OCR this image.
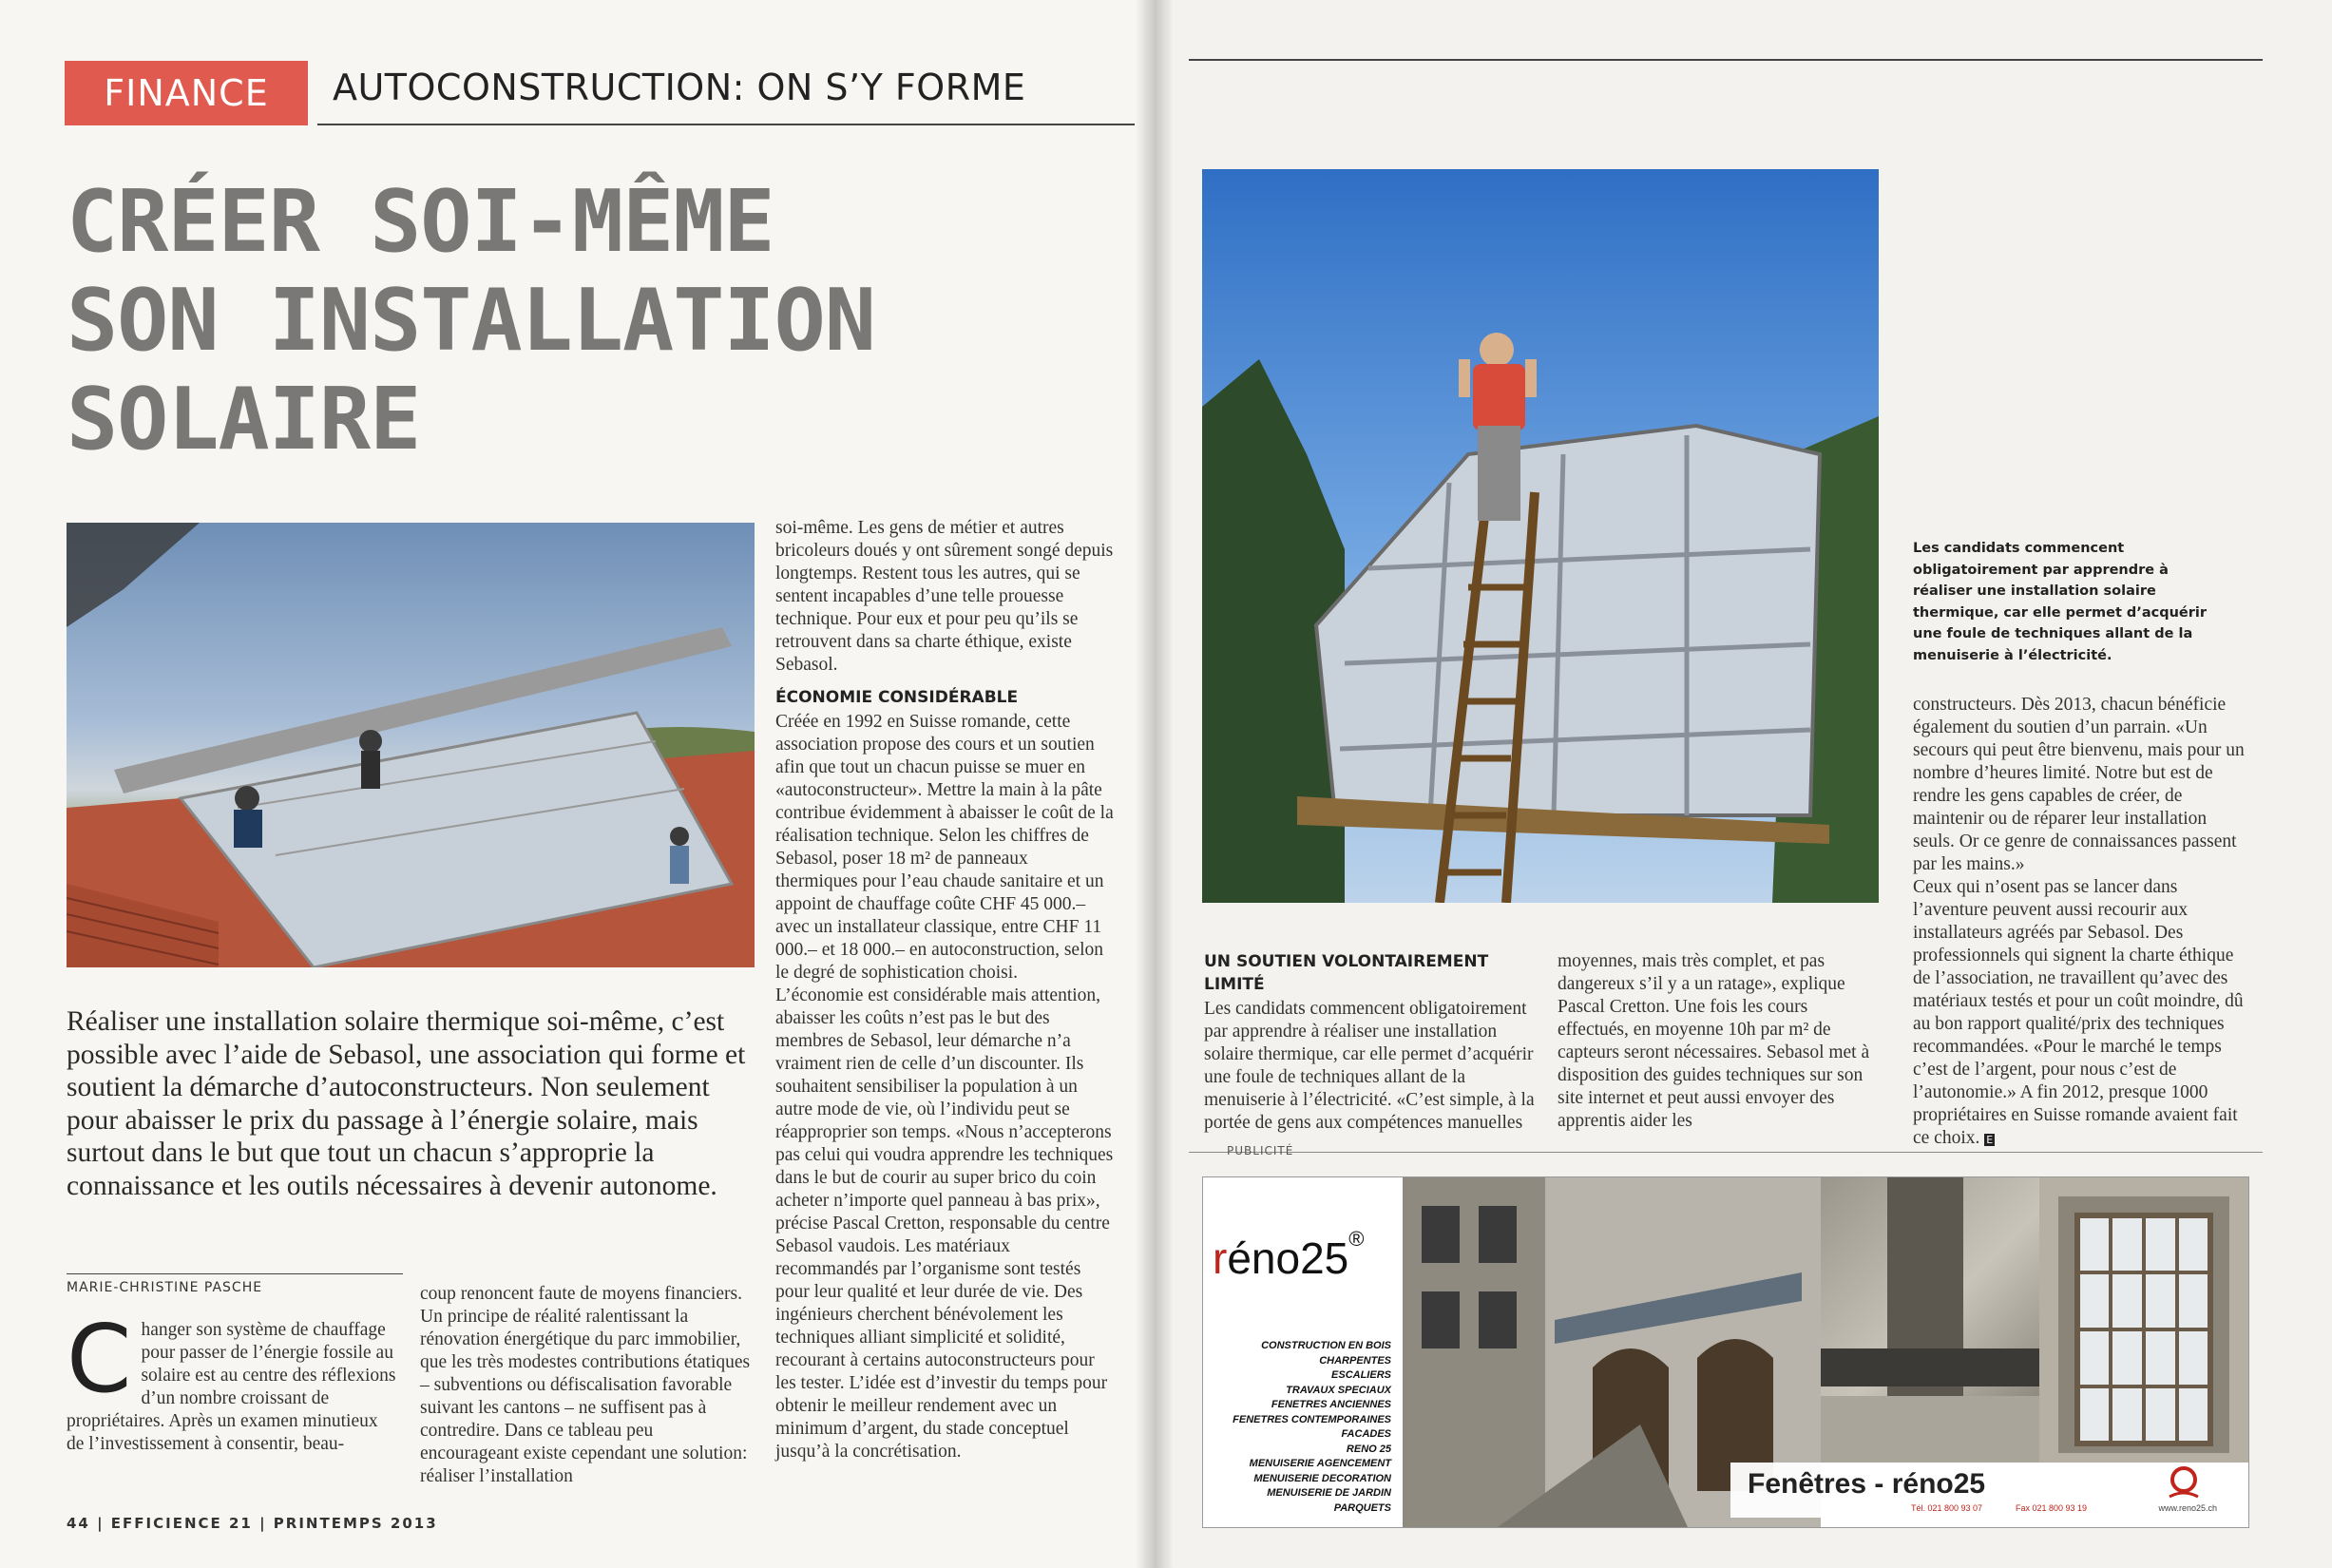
FINANCE	AUTOCONSTRUCTION: ON S’Y FORME
CRÉER SOI-MÊME
SON INSTALLATION
SOLAIRE

Réaliser une installation solaire thermique soi-même, c’est possible avec l’aide de Sebasol, une association qui forme et soutient la démarche d’autoconstructeurs. Non seulement pour abaisser le prix du passage à l’énergie solaire, mais surtout dans le but que tout un chacun s’approprie la connaissance et les outils nécessaires à devenir autonome.

MARIE-CHRISTINE PASCHE
C hanger son système de chauffage pour passer de l’énergie fossile au solaire est au centre des réflexions d’un nombre croissant de propriétaires. Après un examen minutieux de l’investissement à consentir, beau-

coup renoncent faute de moyens financiers. Un principe de réalité ralentissant la rénovation énergétique du parc immobilier, que les très modestes contributions étatiques – subventions ou défiscalisation favorable suivant les cantons – ne suffisent pas à contredire. Dans ce tableau peu encourageant existe cependant une solution: réaliser l’installation

soi-même. Les gens de métier et autres bricoleurs doués y ont sûrement songé depuis longtemps. Restent tous les autres, qui se sentent incapables d’une telle prouesse technique. Pour eux et pour peu qu’ils se retrouvent dans sa charte éthique, existe Sebasol.

ÉCONOMIE CONSIDÉRABLE

Créée en 1992 en Suisse romande, cette association propose des cours et un soutien afin que tout un chacun puisse se muer en «autoconstructeur». Mettre la main à la pâte contribue évidemment à abaisser le coût de la réalisation technique. Selon les chiffres de Sebasol, poser 18 m² de panneaux thermiques pour l’eau chaude sanitaire et un appoint de chauffage coûte CHF 45 000.– avec un installateur classique, entre CHF 11 000.– et 18 000.– en autoconstruction, selon le degré de sophistication choisi.

L’économie est considérable mais attention, abaisser les coûts n’est pas le but des membres de Sebasol, leur démarche n’a vraiment rien de celle d’un discounter. Ils souhaitent sensibiliser la population à un autre mode de vie, où l’individu peut se réapproprier son temps. «Nous n’accepterons pas celui qui voudra apprendre les techniques dans le but de courir au super brico du coin acheter n’importe quel panneau à bas prix», précise Pascal Cretton, responsable du centre Sebasol vaudois. Les matériaux recommandés par l’organisme sont testés pour leur qualité et leur durée de vie. Des ingénieurs cherchent bénévolement les techniques alliant simplicité et solidité, recourant à certains autoconstructeurs pour les tester. L’idée est d’investir du temps pour obtenir le meilleur rendement avec un minimum d’argent, du stade conceptuel jusqu’à la concrétisation.

44 | EFFICIENCE 21 | PRINTEMPS 2013

Les candidats commencent obligatoirement par apprendre à réaliser une installation solaire thermique, car elle permet d’acquérir une foule de techniques allant de la menuiserie à l’électricité.

UN SOUTIEN VOLONTAIREMENT LIMITÉ

Les candidats commencent obligatoirement par apprendre à réaliser une installation solaire thermique, car elle permet d’acquérir une foule de techniques allant de la menuiserie à l’électricité. «C’est simple, à la portée de gens aux compétences manuelles

moyennes, mais très complet, et pas dangereux s’il y a un ratage», explique Pascal Cretton. Une fois les cours effectués, en moyenne 10h par m² de capteurs seront nécessaires. Sebasol met à disposition des guides techniques sur son site internet et peut aussi envoyer des apprentis aider les

constructeurs. Dès 2013, chacun bénéficie également du soutien d’un parrain. «Un secours qui peut être bienvenu, mais pour un nombre d’heures limité. Notre but est de rendre les gens capables de créer, de maintenir ou de réparer leur installation seuls. Or ce genre de connaissances passent par les mains.»

Ceux qui n’osent pas se lancer dans l’aventure peuvent aussi recourir aux installateurs agréés par Sebasol. Des professionnels qui signent la charte éthique de l’association, ne travaillent qu’avec des matériaux testés et pour un coût moindre, dû au bon rapport qualité/prix des techniques recommandées. «Pour le marché le temps c’est de l’argent, pour nous c’est de l’autonomie.» A fin 2012, presque 1000 propriétaires en Suisse romande avaient fait ce choix. E

PUBLICITÉ
réno25®
CONSTRUCTION EN BOIS
CHARPENTES
ESCALIERS
TRAVAUX SPECIAUX
FENETRES ANCIENNES
FENETRES CONTEMPORAINES
FACADES
RENO 25
MENUISERIE AGENCEMENT
MENUISERIE DECORATION
MENUISERIE DE JARDIN
PARQUETS
Fenêtres - réno25
Tél. 021 800 93 07	Fax 021 800 93 19	www.reno25.ch
